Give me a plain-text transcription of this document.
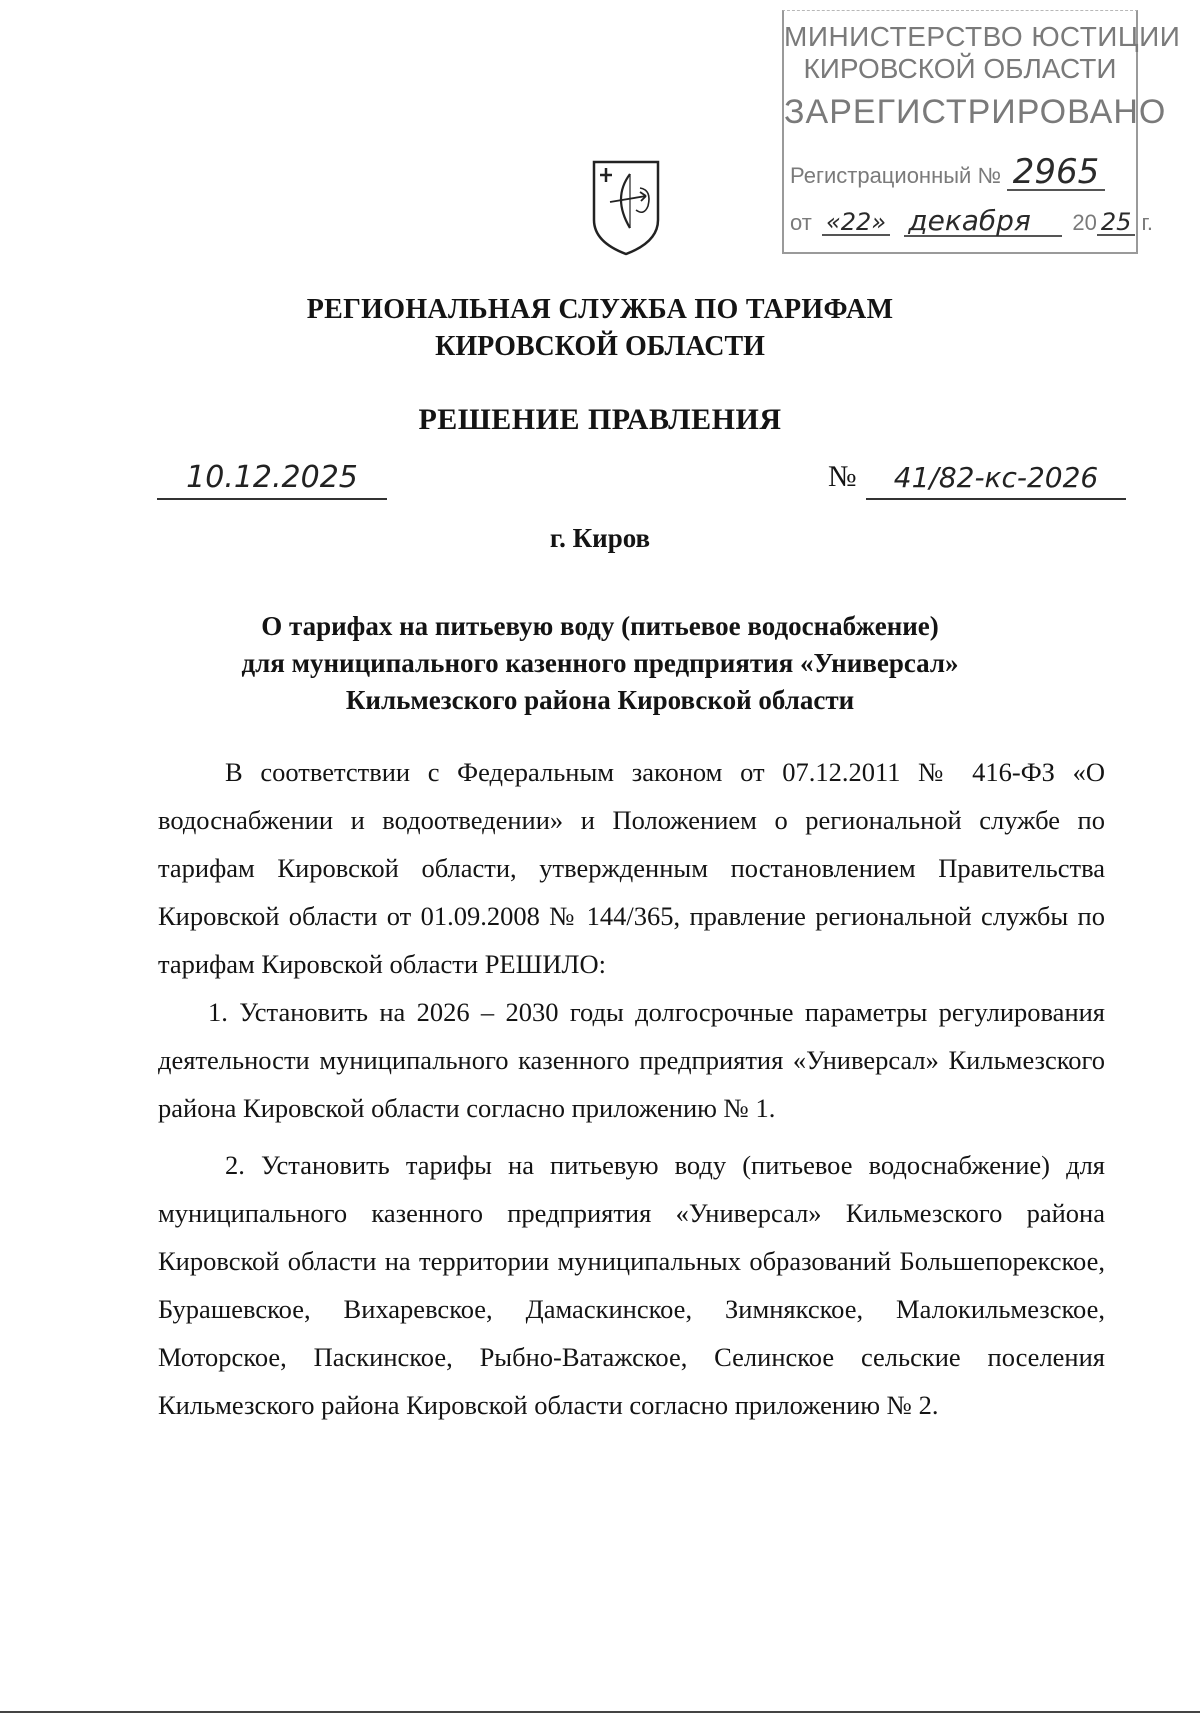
МИНИСТЕРСТВО ЮСТИЦИИ
КИРОВСКОЙ ОБЛАСТИ
ЗАРЕГИСТРИРОВАНО
Регистрационный № 2965
от «22» декабря 20 25 г.
РЕГИОНАЛЬНАЯ СЛУЖБА ПО ТАРИФАМ
КИРОВСКОЙ ОБЛАСТИ
РЕШЕНИЕ ПРАВЛЕНИЯ
10.12.2025	№	41/82-кс-2026
г. Киров
О тарифах на питьевую воду (питьевое водоснабжение)
для муниципального казенного предприятия «Универсал»
Кильмезского района Кировской области

В соответствии с Федеральным законом от 07.12.2011 № 416-ФЗ «О водоснабжении и водоотведении» и Положением о региональной службе по тарифам Кировской области, утвержденным постановлением Правительства Кировской области от 01.09.2008 № 144/365, правление региональной службы по тарифам Кировской области РЕШИЛО:

1. Установить на 2026 – 2030 годы долгосрочные параметры регулирования деятельности муниципального казенного предприятия «Универсал» Кильмезского района Кировской области согласно приложению № 1.

2. Установить тарифы на питьевую воду (питьевое водоснабжение) для муниципального казенного предприятия «Универсал» Кильмезского района Кировской области на территории муниципальных образований Большепорекское, Бурашевское, Вихаревское, Дамаскинское, Зимнякское, Малокильмезское, Моторское, Паскинское, Рыбно-Ватажское, Селинское сельские поселения Кильмезского района Кировской области согласно приложению № 2.
